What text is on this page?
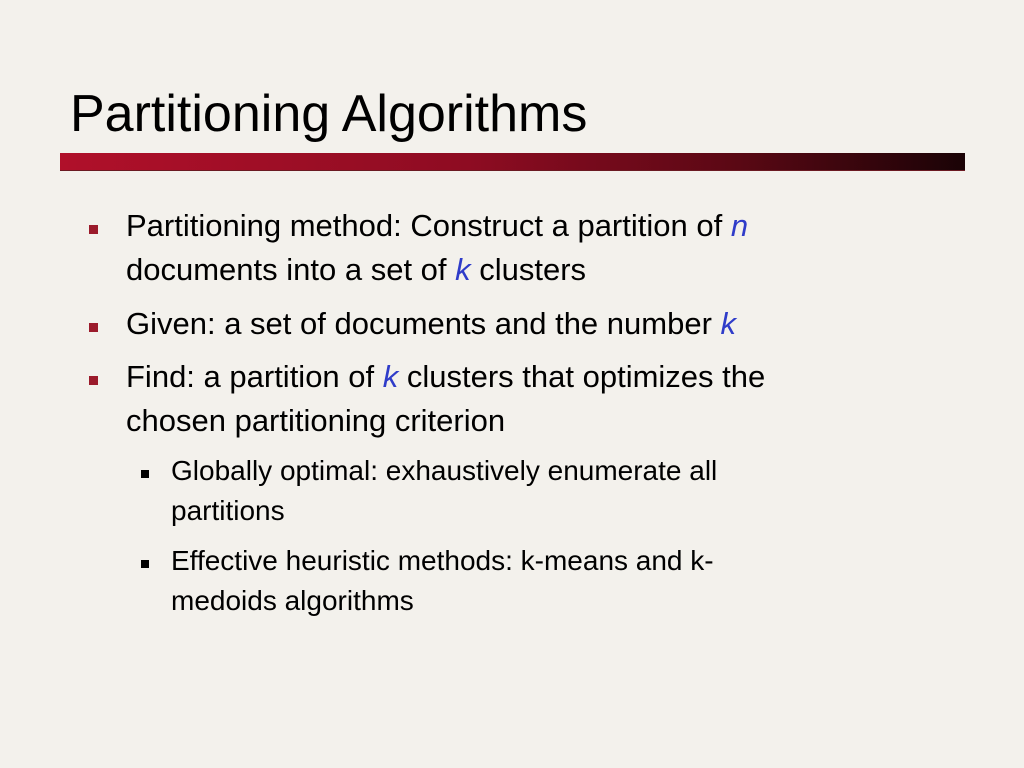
Partitioning Algorithms
Partitioning method: Construct a partition of n
documents into a set of k clusters
Given: a set of documents and the number k
Find: a partition of k clusters that optimizes the
chosen partitioning criterion
Globally optimal: exhaustively enumerate all
partitions
Effective heuristic methods: k-means and k-
medoids algorithms
